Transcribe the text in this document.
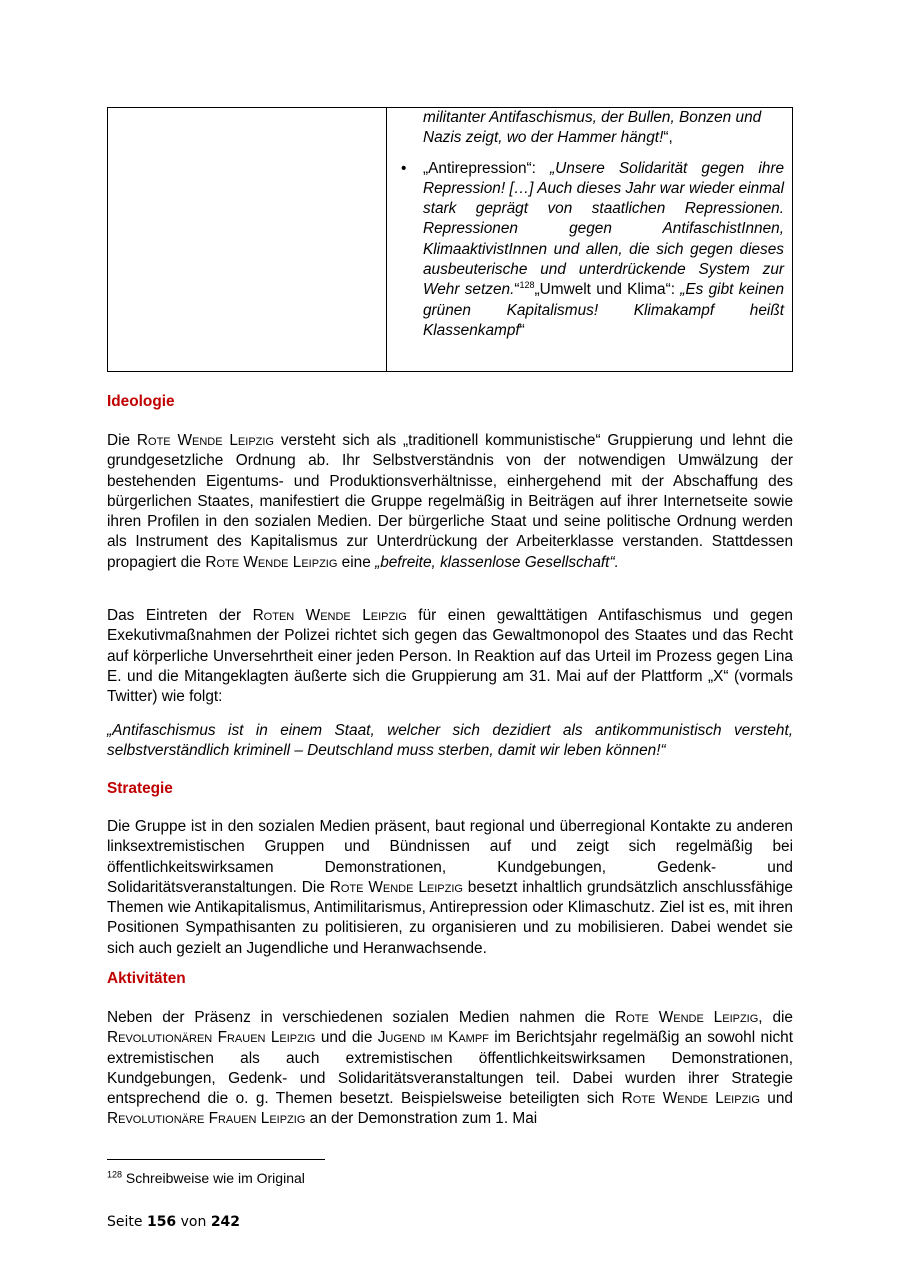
militanter Antifaschismus, der Bullen, Bonzen und
Nazis zeigt, wo der Hammer hängt!“,
• „Antirepression“: „Unsere Solidarität gegen ihre Repression! […] Auch dieses Jahr war wieder einmal stark geprägt von staatlichen Repressionen. Repressionen gegen AntifaschistInnen, KlimaaktivistInnen und allen, die sich gegen dieses ausbeuterische und unterdrückende System zur Wehr setzen.“$^{128}$„Umwelt und Klima“: „Es gibt keinen grünen Kapitalismus! Klimakampf heißt Klassenkampf“
Ideologie
Die Rote Wende Leipzig versteht sich als „traditionell kommunistische“ Gruppierung und lehnt die grundgesetzliche Ordnung ab. Ihr Selbstverständnis von der notwendigen Umwälzung der bestehenden Eigentums- und Produktionsverhältnisse, einhergehend mit der Abschaffung des bürgerlichen Staates, manifestiert die Gruppe regelmäßig in Beiträgen auf ihrer Internetseite sowie ihren Profilen in den sozialen Medien. Der bürgerliche Staat und seine politische Ordnung werden als Instrument des Kapitalismus zur Unterdrückung der Arbeiterklasse verstanden. Stattdessen propagiert die Rote Wende Leipzig eine „befreite, klassenlose Gesellschaft“.
Das Eintreten der Roten Wende Leipzig für einen gewalttätigen Antifaschismus und gegen Exekutivmaßnahmen der Polizei richtet sich gegen das Gewaltmonopol des Staates und das Recht auf körperliche Unversehrtheit einer jeden Person. In Reaktion auf das Urteil im Prozess gegen Lina E. und die Mitangeklagten äußerte sich die Gruppierung am 31. Mai auf der Plattform „X“ (vormals Twitter) wie folgt:
„Antifaschismus ist in einem Staat, welcher sich dezidiert als antikommunistisch versteht, selbstverständlich kriminell – Deutschland muss sterben, damit wir leben können!“
Strategie
Die Gruppe ist in den sozialen Medien präsent, baut regional und überregional Kontakte zu anderen linksextremistischen Gruppen und Bündnissen auf und zeigt sich regelmäßig bei öffentlichkeitswirksamen Demonstrationen, Kundgebungen, Gedenk- und Solidaritätsveranstaltungen. Die Rote Wende Leipzig besetzt inhaltlich grundsätzlich anschlussfähige Themen wie Antikapitalismus, Antimilitarismus, Antirepression oder Klimaschutz. Ziel ist es, mit ihren Positionen Sympathisanten zu politisieren, zu organisieren und zu mobilisieren. Dabei wendet sie sich auch gezielt an Jugendliche und Heranwachsende.
Aktivitäten
Neben der Präsenz in verschiedenen sozialen Medien nahmen die Rote Wende Leipzig, die Revolutionären Frauen Leipzig und die Jugend im Kampf im Berichtsjahr regelmäßig an sowohl nicht extremistischen als auch extremistischen öffentlichkeitswirksamen Demonstrationen, Kundgebungen, Gedenk- und Solidaritätsveranstaltungen teil. Dabei wurden ihrer Strategie entsprechend die o. g. Themen besetzt. Beispielsweise beteiligten sich Rote Wende Leipzig und Revolutionäre Frauen Leipzig an der Demonstration zum 1. Mai
$^{128}$ Schreibweise wie im Original
Seite 156 von 242
